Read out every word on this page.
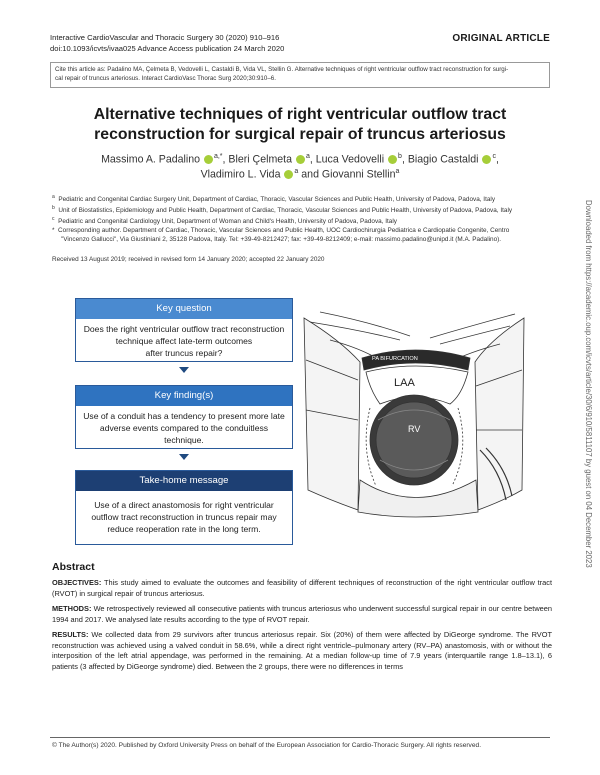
Interactive CardioVascular and Thoracic Surgery 30 (2020) 910–916
doi:10.1093/icvts/ivaa025 Advance Access publication 24 March 2020
ORIGINAL ARTICLE
Cite this article as: Padalino MA, Çelmeta B, Vedovelli L, Castaldi B, Vida VL, Stellin G. Alternative techniques of right ventricular outflow tract reconstruction for surgi-
cal repair of truncus arteriosus. Interact CardioVasc Thorac Surg 2020;30:910–6.
Alternative techniques of right ventricular outflow tract
reconstruction for surgical repair of truncus arteriosus
Massimo A. Padalino $^{a,*}$, Bleri Çelmeta $^a$, Luca Vedovelli $^b$, Biagio Castaldi $^c$,
Vladimiro L. Vida $^a$ and Giovanni Stellin$^a$
$^a$ Pediatric and Congenital Cardiac Surgery Unit, Department of Cardiac, Thoracic, Vascular Sciences and Public Health, University of Padova, Padova, Italy
$^b$ Unit of Biostatistics, Epidemiology and Public Health, Department of Cardiac, Thoracic, Vascular Sciences and Public Health, University of Padova, Padova, Italy
$^c$ Pediatric and Congenital Cardiology Unit, Department of Woman and Child's Health, University of Padova, Padova, Italy
*  Corresponding author. Department of Cardiac, Thoracic, Vascular Sciences and Public Health, UOC Cardiochirurgia Pediatrica e Cardiopatie Congenite, Centro
"Vincenzo Gallucci", Via Giustiniani 2, 35128 Padova, Italy. Tel: +39-49-8212427; fax: +39-49-8212409; e-mail: massimo.padalino@unipd.it (M.A. Padalino).
Received 13 August 2019; received in revised form 14 January 2020; accepted 22 January 2020	Downloaded from https://academic.oup.com/icvts/article/30/6/910/5811107 by guest on 04 December 2023
Key question
Does the right ventricular outflow tract reconstruction
technique affect late-term outcomes
after truncus repair?
Key finding(s)
Use of a conduit has a tendency to present more late
adverse events compared to the conduitless
technique.
Take-home message
Use of a direct anastomosis for right ventricular
outflow tract reconstruction in truncus repair may
reduce reoperation rate in the long term.
PA BIFURCATION
LAA
RV
Abstract
OBJECTIVES: This study aimed to evaluate the outcomes and feasibility of different techniques of reconstruction of the right ventricular outflow tract (RVOT) in surgical repair of truncus arteriosus.
METHODS: We retrospectively reviewed all consecutive patients with truncus arteriosus who underwent successful surgical repair in our centre between 1994 and 2017. We analysed late results according to the type of RVOT repair.
RESULTS: We collected data from 29 survivors after truncus arteriosus repair. Six (20%) of them were affected by DiGeorge syndrome. The RVOT reconstruction was achieved using a valved conduit in 58.6%, while a direct right ventricle–pulmonary artery (RV–PA) anastomosis, with or without the interposition of the left atrial appendage, was performed in the remaining. At a median follow-up time of 7.9 years (interquartile range 1.8–13.1), 6 patients (3 affected by DiGeorge syndrome) died. Between the 2 groups, there were no differences in terms
© The Author(s) 2020. Published by Oxford University Press on behalf of the European Association for Cardio-Thoracic Surgery. All rights reserved.
